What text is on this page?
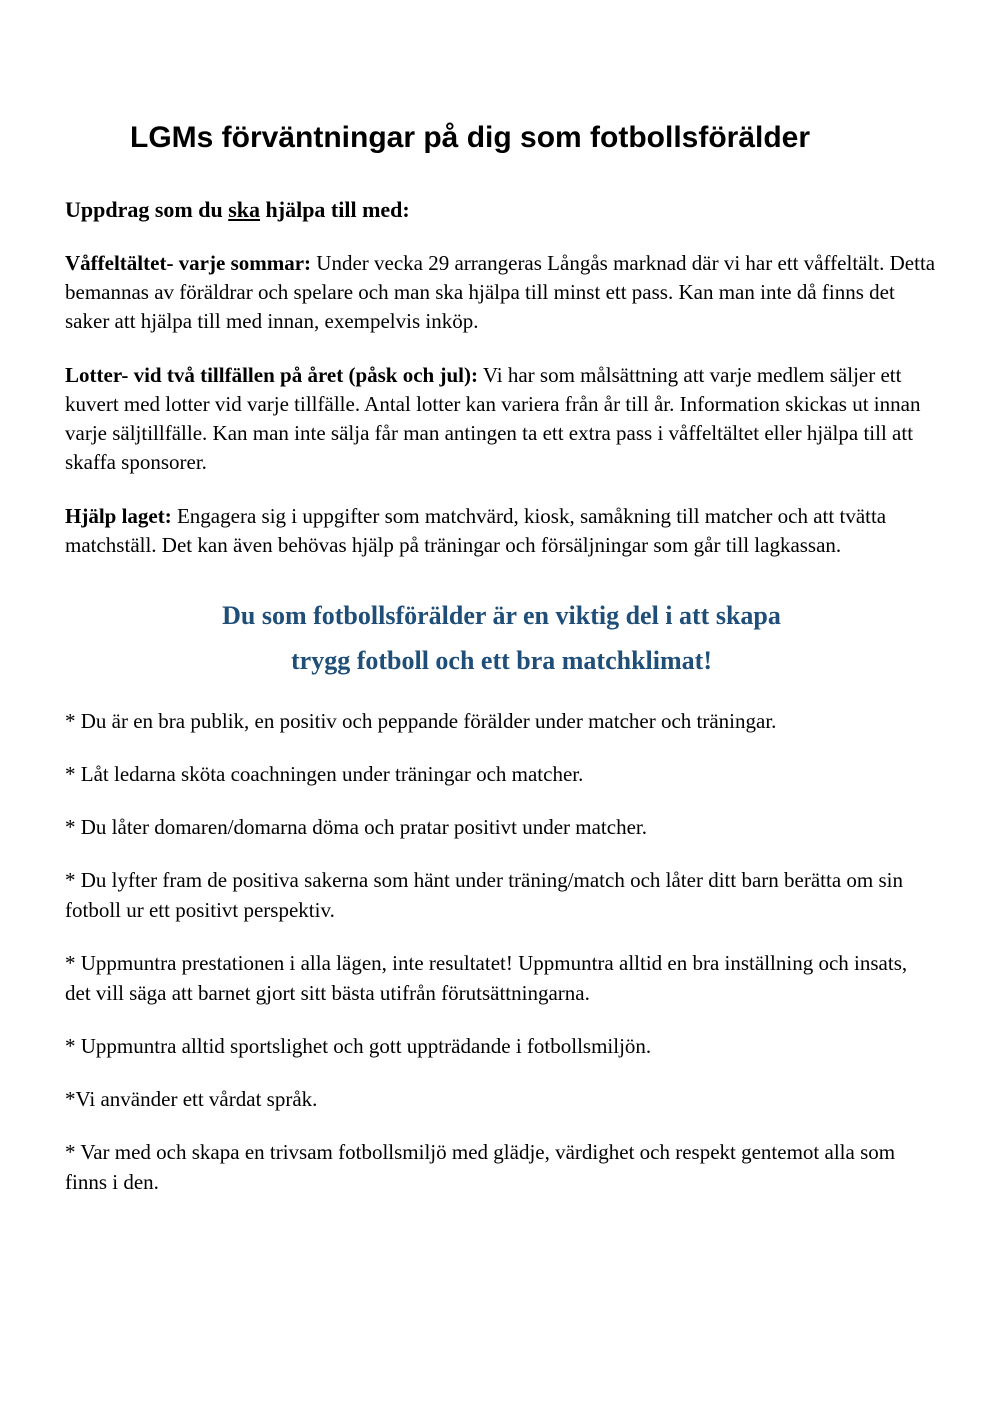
LGMs förväntningar på dig som fotbollsförälder

Uppdrag som du ska hjälpa till med:

Våffeltältet- varje sommar: Under vecka 29 arrangeras Långås marknad där vi har ett våffeltält. Detta bemannas av föräldrar och spelare och man ska hjälpa till minst ett pass. Kan man inte då finns det saker att hjälpa till med innan, exempelvis inköp.

Lotter- vid två tillfällen på året (påsk och jul): Vi har som målsättning att varje medlem säljer ett kuvert med lotter vid varje tillfälle. Antal lotter kan variera från år till år. Information skickas ut innan varje säljtillfälle. Kan man inte sälja får man antingen ta ett extra pass i våffeltältet eller hjälpa till att skaffa sponsorer.

Hjälp laget: Engagera sig i uppgifter som matchvärd, kiosk, samåkning till matcher och att tvätta matchställ. Det kan även behövas hjälp på träningar och försäljningar som går till lagkassan.

Du som fotbollsförälder är en viktig del i att skapa
trygg fotboll och ett bra matchklimat!

* Du är en bra publik, en positiv och peppande förälder under matcher och träningar.

* Låt ledarna sköta coachningen under träningar och matcher.

* Du låter domaren/domarna döma och pratar positivt under matcher.

* Du lyfter fram de positiva sakerna som hänt under träning/match och låter ditt barn berätta om sin fotboll ur ett positivt perspektiv.

* Uppmuntra prestationen i alla lägen, inte resultatet! Uppmuntra alltid en bra inställning och insats, det vill säga att barnet gjort sitt bästa utifrån förutsättningarna.

* Uppmuntra alltid sportslighet och gott uppträdande i fotbollsmiljön.

*Vi använder ett vårdat språk.

* Var med och skapa en trivsam fotbollsmiljö med glädje, värdighet och respekt gentemot alla som finns i den.
